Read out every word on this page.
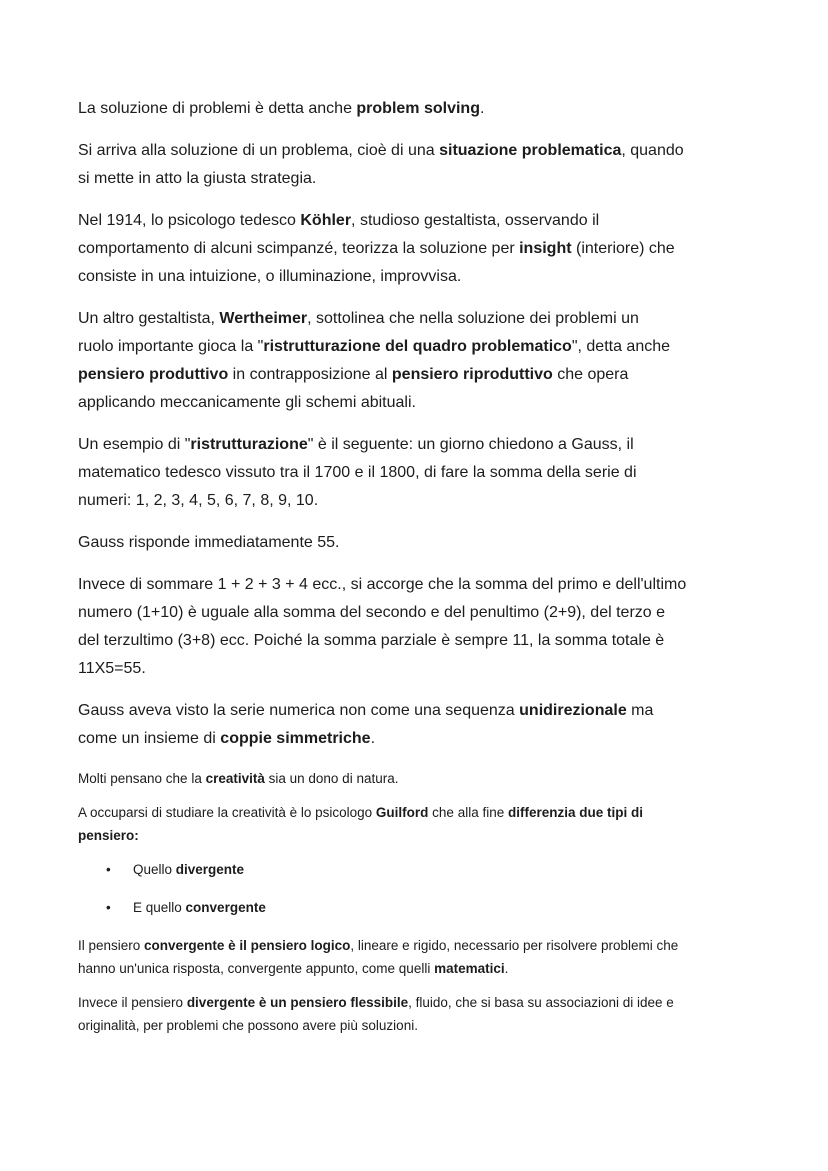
La soluzione di problemi è detta anche problem solving.
Si arriva alla soluzione di un problema, cioè di una situazione problematica, quando
si mette in atto la giusta strategia.
Nel 1914, lo psicologo tedesco Köhler, studioso gestaltista, osservando il
comportamento di alcuni scimpanzé, teorizza la soluzione per insight (interiore) che
consiste in una intuizione, o illuminazione, improvvisa.
Un altro gestaltista, Wertheimer, sottolinea che nella soluzione dei problemi un
ruolo importante gioca la "ristrutturazione del quadro problematico", detta anche
pensiero produttivo in contrapposizione al pensiero riproduttivo che opera
applicando meccanicamente gli schemi abituali.
Un esempio di "ristrutturazione" è il seguente: un giorno chiedono a Gauss, il
matematico tedesco vissuto tra il 1700 e il 1800, di fare la somma della serie di
numeri: 1, 2, 3, 4, 5, 6, 7, 8, 9, 10.
Gauss risponde immediatamente 55.
Invece di sommare 1 + 2 + 3 + 4 ecc., si accorge che la somma del primo e dell'ultimo
numero (1+10) è uguale alla somma del secondo e del penultimo (2+9), del terzo e
del terzultimo (3+8) ecc. Poiché la somma parziale è sempre 11, la somma totale è
11X5=55.
Gauss aveva visto la serie numerica non come una sequenza unidirezionale ma
come un insieme di coppie simmetriche.
Molti pensano che la creatività sia un dono di natura.
A occuparsi di studiare la creatività è lo psicologo Guilford che alla fine differenzia due tipi di
pensiero:
•	Quello divergente
•	E quello convergente
Il pensiero convergente è il pensiero logico, lineare e rigido, necessario per risolvere problemi che
hanno un'unica risposta, convergente appunto, come quelli matematici.
Invece il pensiero divergente è un pensiero flessibile, fluido, che si basa su associazioni di idee e
originalità, per problemi che possono avere più soluzioni.
